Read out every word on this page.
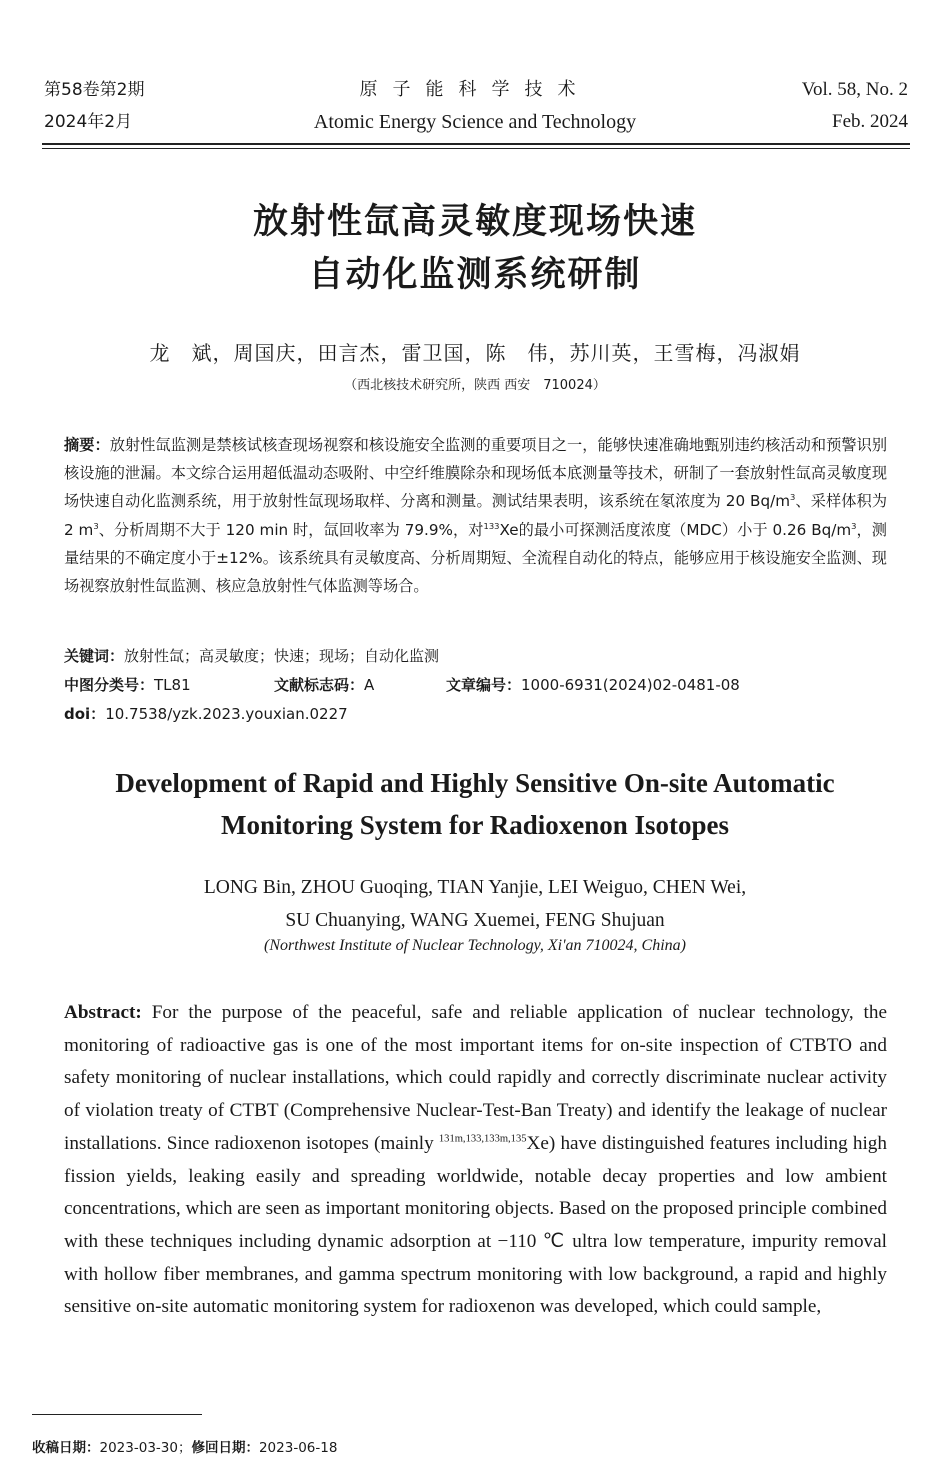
第58卷第2期
2024年2月
原子能科学技术
Atomic Energy Science and Technology
Vol. 58, No. 2
Feb. 2024
放射性氙高灵敏度现场快速
自动化监测系统研制
龙　斌，周国庆，田言杰，雷卫国，陈　伟，苏川英，王雪梅，冯淑娟
（西北核技术研究所，陕西 西安　710024）
摘要：放射性氙监测是禁核试核查现场视察和核设施安全监测的重要项目之一，能够快速准确地甄别违约核活动和预警识别核设施的泄漏。本文综合运用超低温动态吸附、中空纤维膜除杂和现场低本底测量等技术，研制了一套放射性氙高灵敏度现场快速自动化监测系统，用于放射性氙现场取样、分离和测量。测试结果表明，该系统在氡浓度为 20 $Bq/m^3$、采样体积为 2 $m^3$、分析周期不大于 120 min 时，氙回收率为 79.9%，对$^{133}$Xe的最小可探测活度浓度（MDC）小于 0.26 $Bq/m^3$，测量结果的不确定度小于±12%。该系统具有灵敏度高、分析周期短、全流程自动化的特点，能够应用于核设施安全监测、现场视察放射性氙监测、核应急放射性气体监测等场合。
关键词：放射性氙；高灵敏度；快速；现场；自动化监测
中图分类号：TL81	文献标志码：A	文章编号：1000-6931(2024)02-0481-08
doi：10.7538/yzk.2023.youxian.0227
Development of Rapid and Highly Sensitive On-site Automatic
Monitoring System for Radioxenon Isotopes
LONG Bin, ZHOU Guoqing, TIAN Yanjie, LEI Weiguo, CHEN Wei,
SU Chuanying, WANG Xuemei, FENG Shujuan
(Northwest Institute of Nuclear Technology, Xi'an 710024, China)
Abstract: For the purpose of the peaceful, safe and reliable application of nuclear technology, the monitoring of radioactive gas is one of the most important items for on-site inspection of CTBTO and safety monitoring of nuclear installations, which could rapidly and correctly discriminate nuclear activity of violation treaty of CTBT (Comprehensive Nuclear-Test-Ban Treaty) and identify the leakage of nuclear installations. Since radioxenon isotopes (mainly $^{131m,133,133m,135}$Xe) have distinguished features including high fission yields, leaking easily and spreading worldwide, notable decay properties and low ambient concentrations, which are seen as important monitoring objects. Based on the proposed principle combined with these techniques including dynamic adsorption at −110 ℃ ultra low temperature, impurity removal with hollow fiber membranes, and gamma spectrum monitoring with low background, a rapid and highly sensitive on-site automatic monitoring system for radioxenon was developed, which could sample,
收稿日期：2023-03-30；修回日期：2023-06-18
